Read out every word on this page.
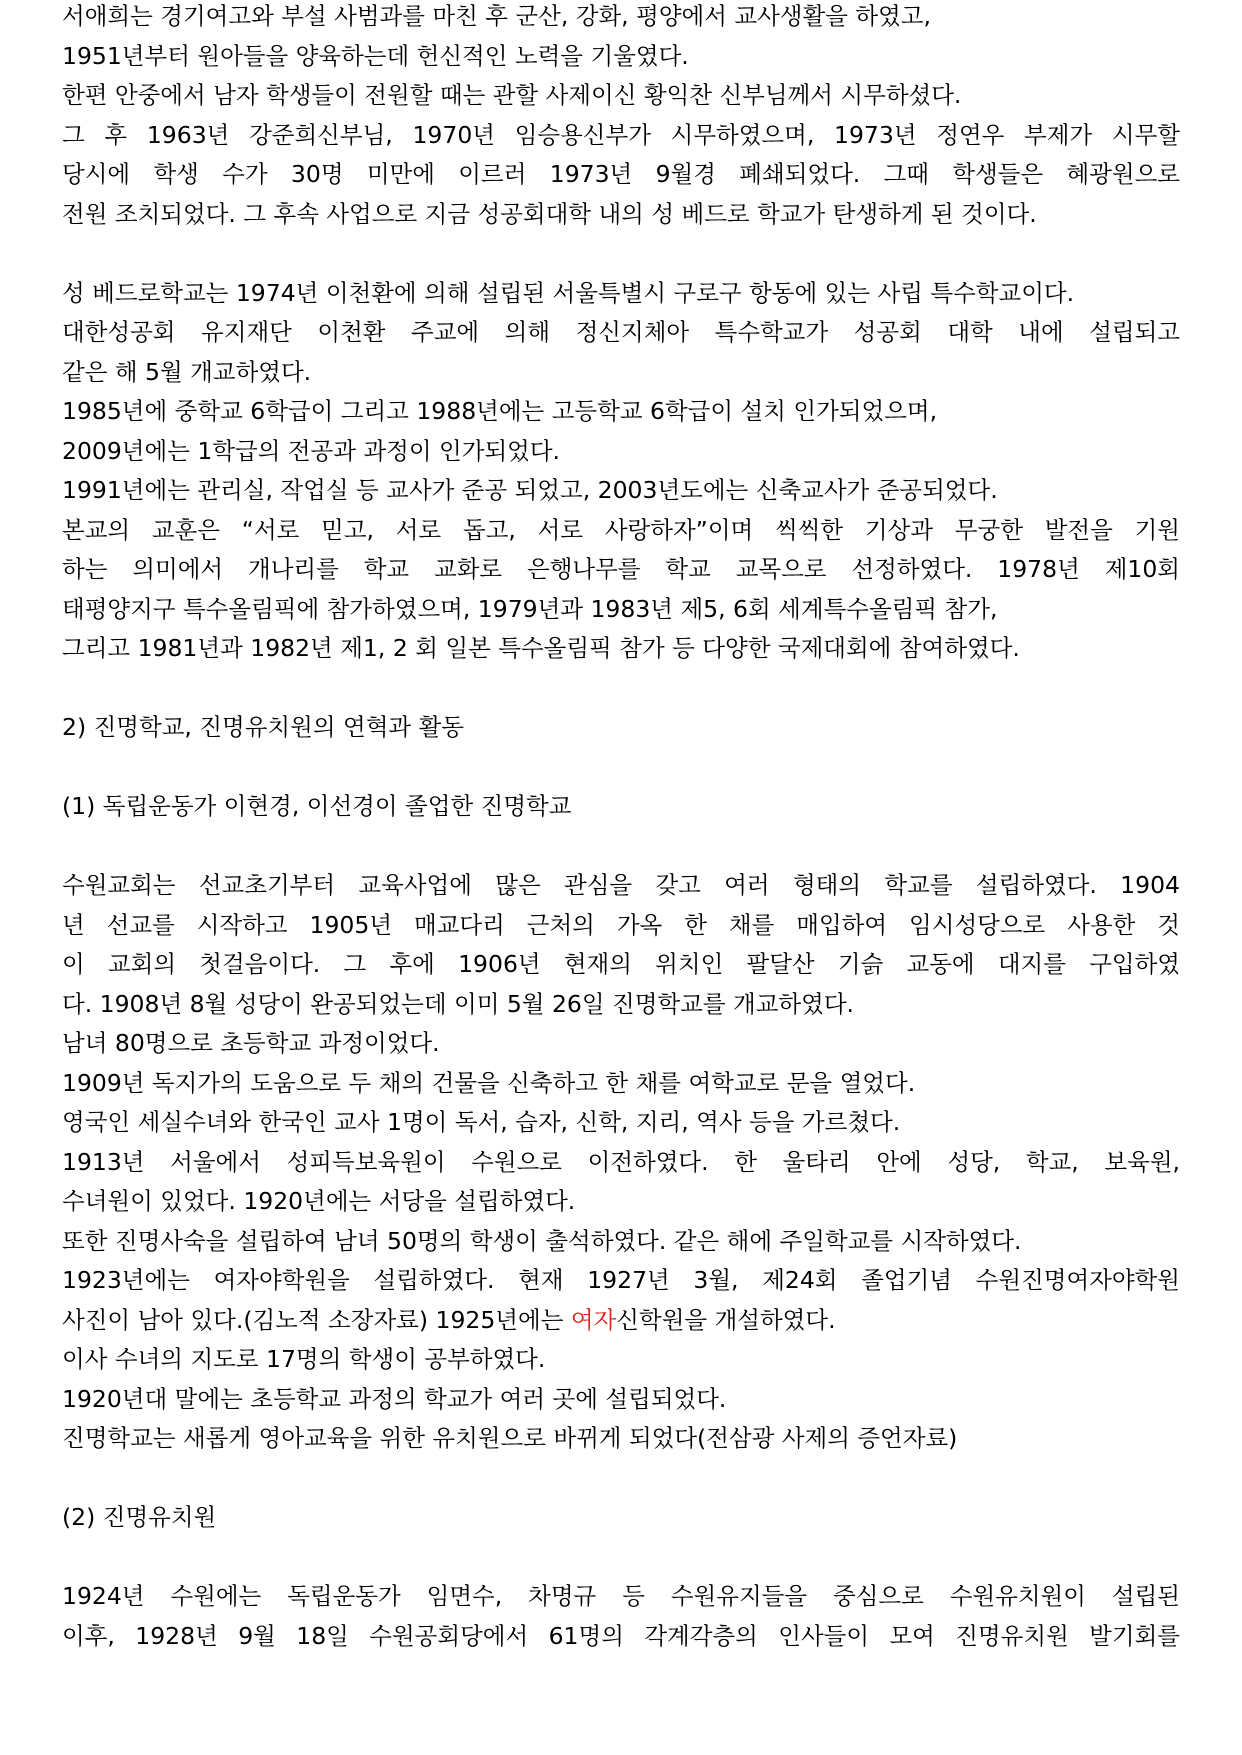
서애희는 경기여고와 부설 사범과를 마친 후 군산, 강화, 평양에서 교사생활을 하였고,
1951년부터 원아들을 양육하는데 헌신적인 노력을 기울였다.
한편 안중에서 남자 학생들이 전원할 때는 관할 사제이신 황익찬 신부님께서 시무하셨다.
그 후 1963년 강준희신부님, 1970년 임승용신부가 시무하였으며, 1973년 정연우 부제가 시무할
당시에 학생 수가 30명 미만에 이르러 1973년 9월경 폐쇄되었다. 그때 학생들은 혜광원으로
전원 조치되었다. 그 후속 사업으로 지금 성공회대학 내의 성 베드로 학교가 탄생하게 된 것이다.
성 베드로학교는 1974년 이천환에 의해 설립된 서울특별시 구로구 항동에 있는 사립 특수학교이다.
대한성공회 유지재단 이천환 주교에 의해 정신지체아 특수학교가 성공회 대학 내에 설립되고
같은 해 5월 개교하였다.
1985년에 중학교 6학급이 그리고 1988년에는 고등학교 6학급이 설치 인가되었으며,
2009년에는 1학급의 전공과 과정이 인가되었다.
1991년에는 관리실, 작업실 등 교사가 준공 되었고, 2003년도에는 신축교사가 준공되었다.
본교의 교훈은 “서로 믿고, 서로 돕고, 서로 사랑하자”이며 씩씩한 기상과 무궁한 발전을 기원
하는 의미에서 개나리를 학교 교화로 은행나무를 학교 교목으로 선정하였다. 1978년 제10회
태평양지구 특수올림픽에 참가하였으며, 1979년과 1983년 제5, 6회 세계특수올림픽 참가,
그리고 1981년과 1982년 제1, 2 회 일본 특수올림픽 참가 등 다양한 국제대회에 참여하였다.
2) 진명학교, 진명유치원의 연혁과 활동
(1) 독립운동가 이현경, 이선경이 졸업한 진명학교
수원교회는 선교초기부터 교육사업에 많은 관심을 갖고 여러 형태의 학교를 설립하였다. 1904
년 선교를 시작하고 1905년 매교다리 근처의 가옥 한 채를 매입하여 임시성당으로 사용한 것
이 교회의 첫걸음이다. 그 후에 1906년 현재의 위치인 팔달산 기슭 교동에 대지를 구입하였
다. 1908년 8월 성당이 완공되었는데 이미 5월 26일 진명학교를 개교하였다.
남녀 80명으로 초등학교 과정이었다.
1909년 독지가의 도움으로 두 채의 건물을 신축하고 한 채를 여학교로 문을 열었다.
영국인 세실수녀와 한국인 교사 1명이 독서, 습자, 신학, 지리, 역사 등을 가르쳤다.
1913년 서울에서 성피득보육원이 수원으로 이전하였다. 한 울타리 안에 성당, 학교, 보육원,
수녀원이 있었다. 1920년에는 서당을 설립하였다.
또한 진명사숙을 설립하여 남녀 50명의 학생이 출석하였다. 같은 해에 주일학교를 시작하였다.
1923년에는 여자야학원을 설립하였다. 현재 1927년 3월, 제24회 졸업기념 수원진명여자야학원
사진이 남아 있다.(김노적 소장자료) 1925년에는 여자신학원을 개설하였다.
이사 수녀의 지도로 17명의 학생이 공부하였다.
1920년대 말에는 초등학교 과정의 학교가 여러 곳에 설립되었다.
진명학교는 새롭게 영아교육을 위한 유치원으로 바뀌게 되었다(전삼광 사제의 증언자료)
(2) 진명유치원
1924년 수원에는 독립운동가 임면수, 차명규 등 수원유지들을 중심으로 수원유치원이 설립된
이후, 1928년 9월 18일 수원공회당에서 61명의 각계각층의 인사들이 모여 진명유치원 발기회를
